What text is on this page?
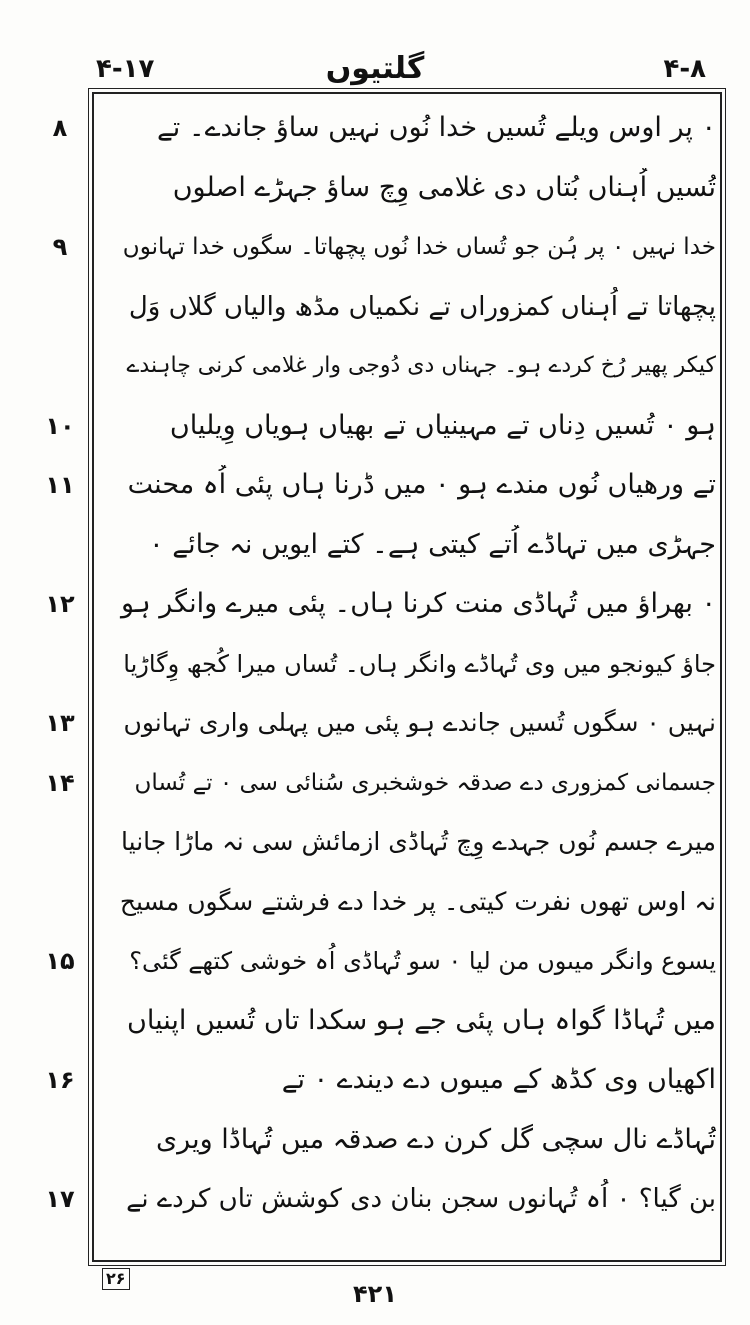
گلتیوں
۴-۱۷	۴-۸
۰ پر اوس ویلے تُسیں خدا نُوں نہیں ساؤ جاندے۔ تے
۸
تُسیں اُہناں بُتاں دی غلامی وِچ ساؤ جہڑے اصلوں
خدا نہیں ۰ پر ہُن جو تُساں خدا نُوں پچھاتا۔ سگوں خدا تہانوں
۹
پچھاتا تے اُہناں کمزوراں تے نکمیاں مڈھ والیاں گلاں وَل
کیکر پھیر رُخ کردے ہو۔ جہناں دی دُوجی وار غلامی کرنی چاہندے
ہو ۰ تُسیں دِناں تے مہینیاں تے بھیاں ہویاں وِیلیاں
۱۰
تے ورھیاں نُوں مندے ہو ۰ میں ڈرنا ہاں پئی اُہ محنت
۱۱
جہڑی میں تہاڈے اُتے کیتی ہے۔ کتے ایویں نہ جائے ۰
۰ بھراؤ میں تُہاڈی منت کرنا ہاں۔ پئی میرے وانگر ہو
۱۲
جاؤ کیونجو میں وی تُہاڈے وانگر ہاں۔ تُساں میرا کُجھ وِگاڑیا
نہیں ۰ سگوں تُسیں جاندے ہو پئی میں پہلی واری تہانوں
۱۳
جسمانی کمزوری دے صدقہ خوشخبری سُنائی سی ۰ تے تُساں
۱۴
میرے جسم نُوں جہدے وِچ تُہاڈی ازمائش سی نہ ماڑا جانیا
نہ اوس تھوں نفرت کیتی۔ پر خدا دے فرشتے سگوں مسیح
یسوع وانگر میںوں من لیا ۰ سو تُہاڈی اُہ خوشی کتھے گئی؟
۱۵
میں تُہاڈا گواہ ہاں پئی جے ہو سکدا تاں تُسیں اپنیاں
اکھیاں وی کڈھ کے میںوں دے دیندے ۰ تے
۱۶
تُہاڈے نال سچی گل کرن دے صدقہ میں تُہاڈا ویری
بن گیا؟ ۰ اُہ تُہانوں سجن بنان دی کوشش تاں کردے نے
۱۷
۲۶
۴۲۱
